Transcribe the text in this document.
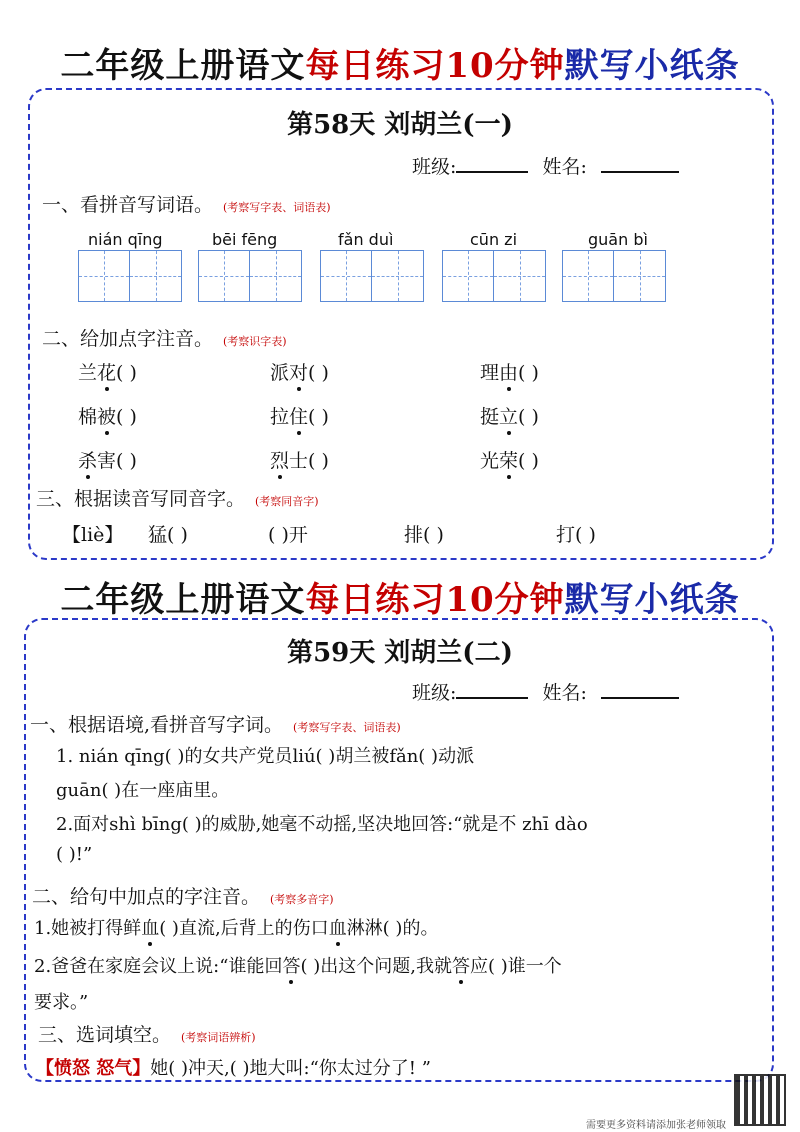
二年级上册语文每日练习10分钟默写小纸条
第58天 刘胡兰(一)
班级:	姓名:
一、看拼音写词语。 (考察写字表、词语表)
nián qīng	bēi fēng	fǎn duì	cūn zi	guān bì
二、给加点字注音。 (考察识字表)
兰花( )	派对( )	理由( )
棉被( )	拉住( )	挺立( )
杀害( )	烈士( )	光荣( )
三、根据读音写同音字。 (考察同音字)
【liè】 猛( )	( )开	排( )	打( )
二年级上册语文每日练习10分钟默写小纸条
第59天 刘胡兰(二)
班级:	姓名:
一、根据语境,看拼音写字词。 (考察写字表、词语表)
1. nián qīng( )的女共产党员liú( )胡兰被fǎn( )动派
guān( )在一座庙里。
2.面对shì bīng( )的威胁,她毫不动摇,坚决地回答:“就是不 zhī dào
( )!”
二、给句中加点的字注音。 (考察多音字)
1.她被打得鲜血( )直流,后背上的伤口血淋淋( )的。
2.爸爸在家庭会议上说:“谁能回答( )出这个问题,我就答应( )谁一个
要求。”
三、选词填空。 (考察词语辨析)
【愤怒 怒气】她( )冲天,( )地大叫:“你太过分了! ”
需要更多资料请添加张老师领取
